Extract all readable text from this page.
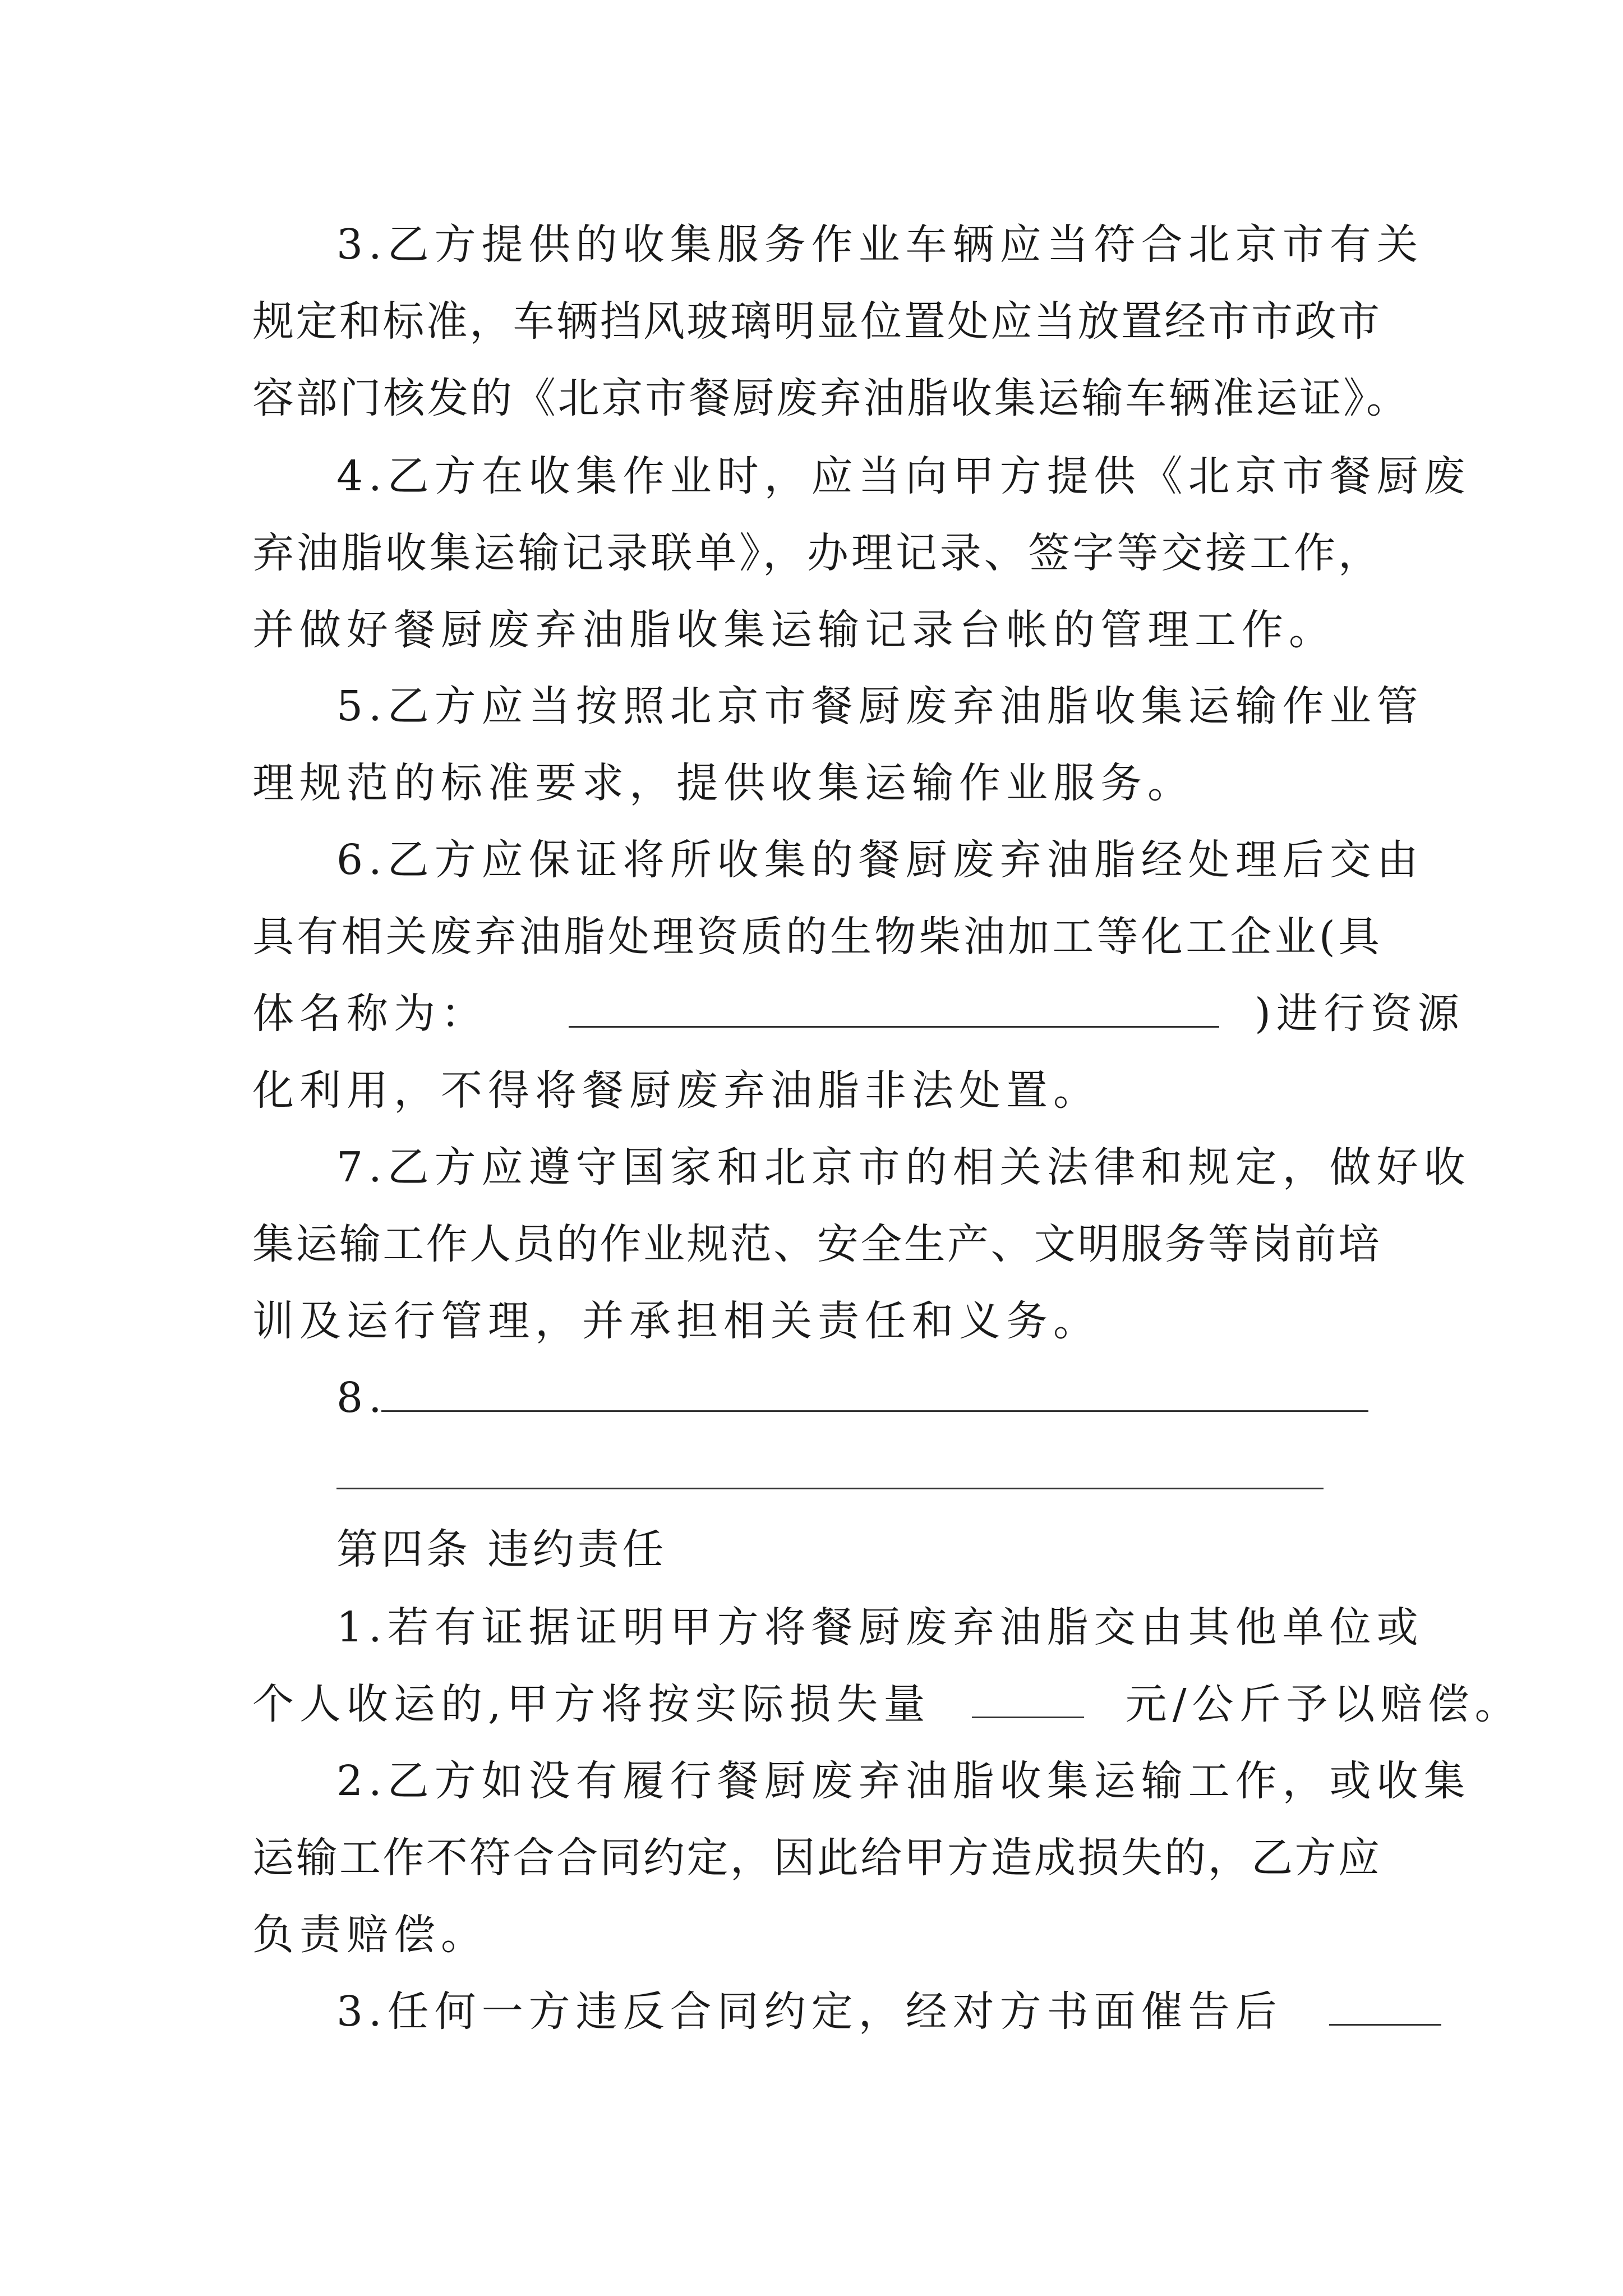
3.乙方提供的收集服务作业车辆应当符合北京市有关
规定和标准，车辆挡风玻璃明显位置处应当放置经市市政市
容部门核发的《北京市餐厨废弃油脂收集运输车辆准运证》。
4.乙方在收集作业时，应当向甲方提供《北京市餐厨废
弃油脂收集运输记录联单》，办理记录、签字等交接工作，
并做好餐厨废弃油脂收集运输记录台帐的管理工作。
5.乙方应当按照北京市餐厨废弃油脂收集运输作业管
理规范的标准要求，提供收集运输作业服务。
6.乙方应保证将所收集的餐厨废弃油脂经处理后交由
具有相关废弃油脂处理资质的生物柴油加工等化工企业(具
体名称为：	)进行资源
化利用，不得将餐厨废弃油脂非法处置。
7.乙方应遵守国家和北京市的相关法律和规定，做好收
集运输工作人员的作业规范、安全生产、文明服务等岗前培
训及运行管理，并承担相关责任和义务。
8.
第四条 违约责任
1.若有证据证明甲方将餐厨废弃油脂交由其他单位或
个人收运的,甲方将按实际损失量	元/公斤予以赔偿。
2.乙方如没有履行餐厨废弃油脂收集运输工作，或收集
运输工作不符合合同约定，因此给甲方造成损失的，乙方应
负责赔偿。
3.任何一方违反合同约定，经对方书面催告后
